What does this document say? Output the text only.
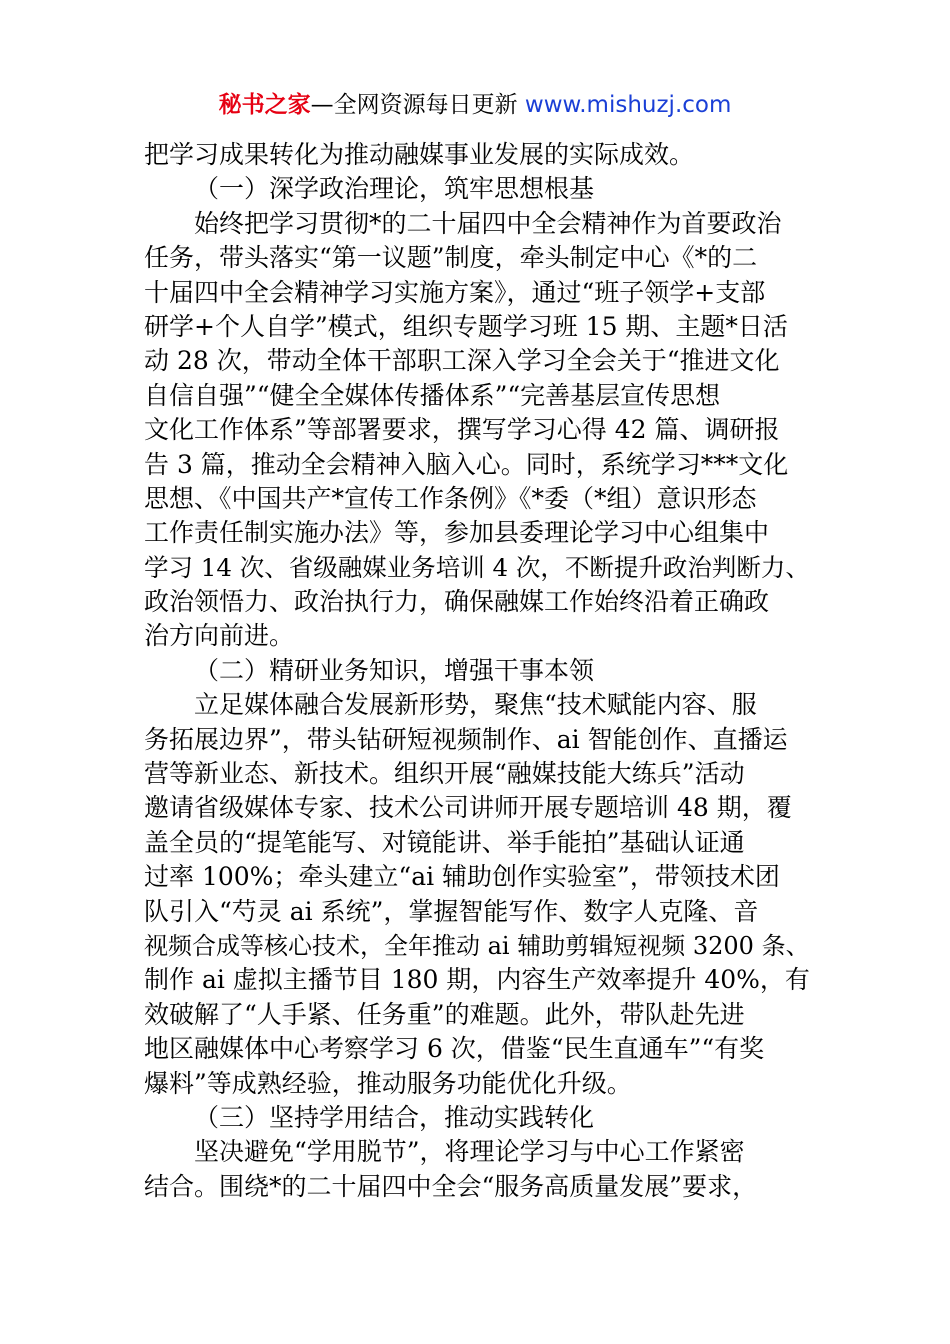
秘书之家—全网资源每日更新 www.mishuzj.com
把学习成果转化为推动融媒事业发展的实际成效。
（一）深学政治理论，筑牢思想根基
始终把学习贯彻*的二十届四中全会精神作为首要政治
任务，带头落实“第一议题”制度，牵头制定中心《*的二
十届四中全会精神学习实施方案》，通过“班子领学+支部
研学+个人自学”模式，组织专题学习班 15 期、主题*日活
动 28 次，带动全体干部职工深入学习全会关于“推进文化
自信自强”“健全全媒体传播体系”“完善基层宣传思想
文化工作体系”等部署要求，撰写学习心得 42 篇、调研报
告 3 篇，推动全会精神入脑入心。同时，系统学习***文化
思想、《中国共产*宣传工作条例》《*委（*组）意识形态
工作责任制实施办法》等，参加县委理论学习中心组集中
学习 14 次、省级融媒业务培训 4 次，不断提升政治判断力、
政治领悟力、政治执行力，确保融媒工作始终沿着正确政
治方向前进。
（二）精研业务知识，增强干事本领
立足媒体融合发展新形势，聚焦“技术赋能内容、服
务拓展边界”，带头钻研短视频制作、ai 智能创作、直播运
营等新业态、新技术。组织开展“融媒技能大练兵”活动
邀请省级媒体专家、技术公司讲师开展专题培训 48 期，覆
盖全员的“提笔能写、对镜能讲、举手能拍”基础认证通
过率 100%；牵头建立“ai 辅助创作实验室”，带领技术团
队引入“芍灵 ai 系统”，掌握智能写作、数字人克隆、音
视频合成等核心技术，全年推动 ai 辅助剪辑短视频 3200 条、
制作 ai 虚拟主播节目 180 期，内容生产效率提升 40%，有
效破解了“人手紧、任务重”的难题。此外，带队赴先进
地区融媒体中心考察学习 6 次，借鉴“民生直通车”“有奖
爆料”等成熟经验，推动服务功能优化升级。
（三）坚持学用结合，推动实践转化
坚决避免“学用脱节”，将理论学习与中心工作紧密
结合。围绕*的二十届四中全会“服务高质量发展”要求，
